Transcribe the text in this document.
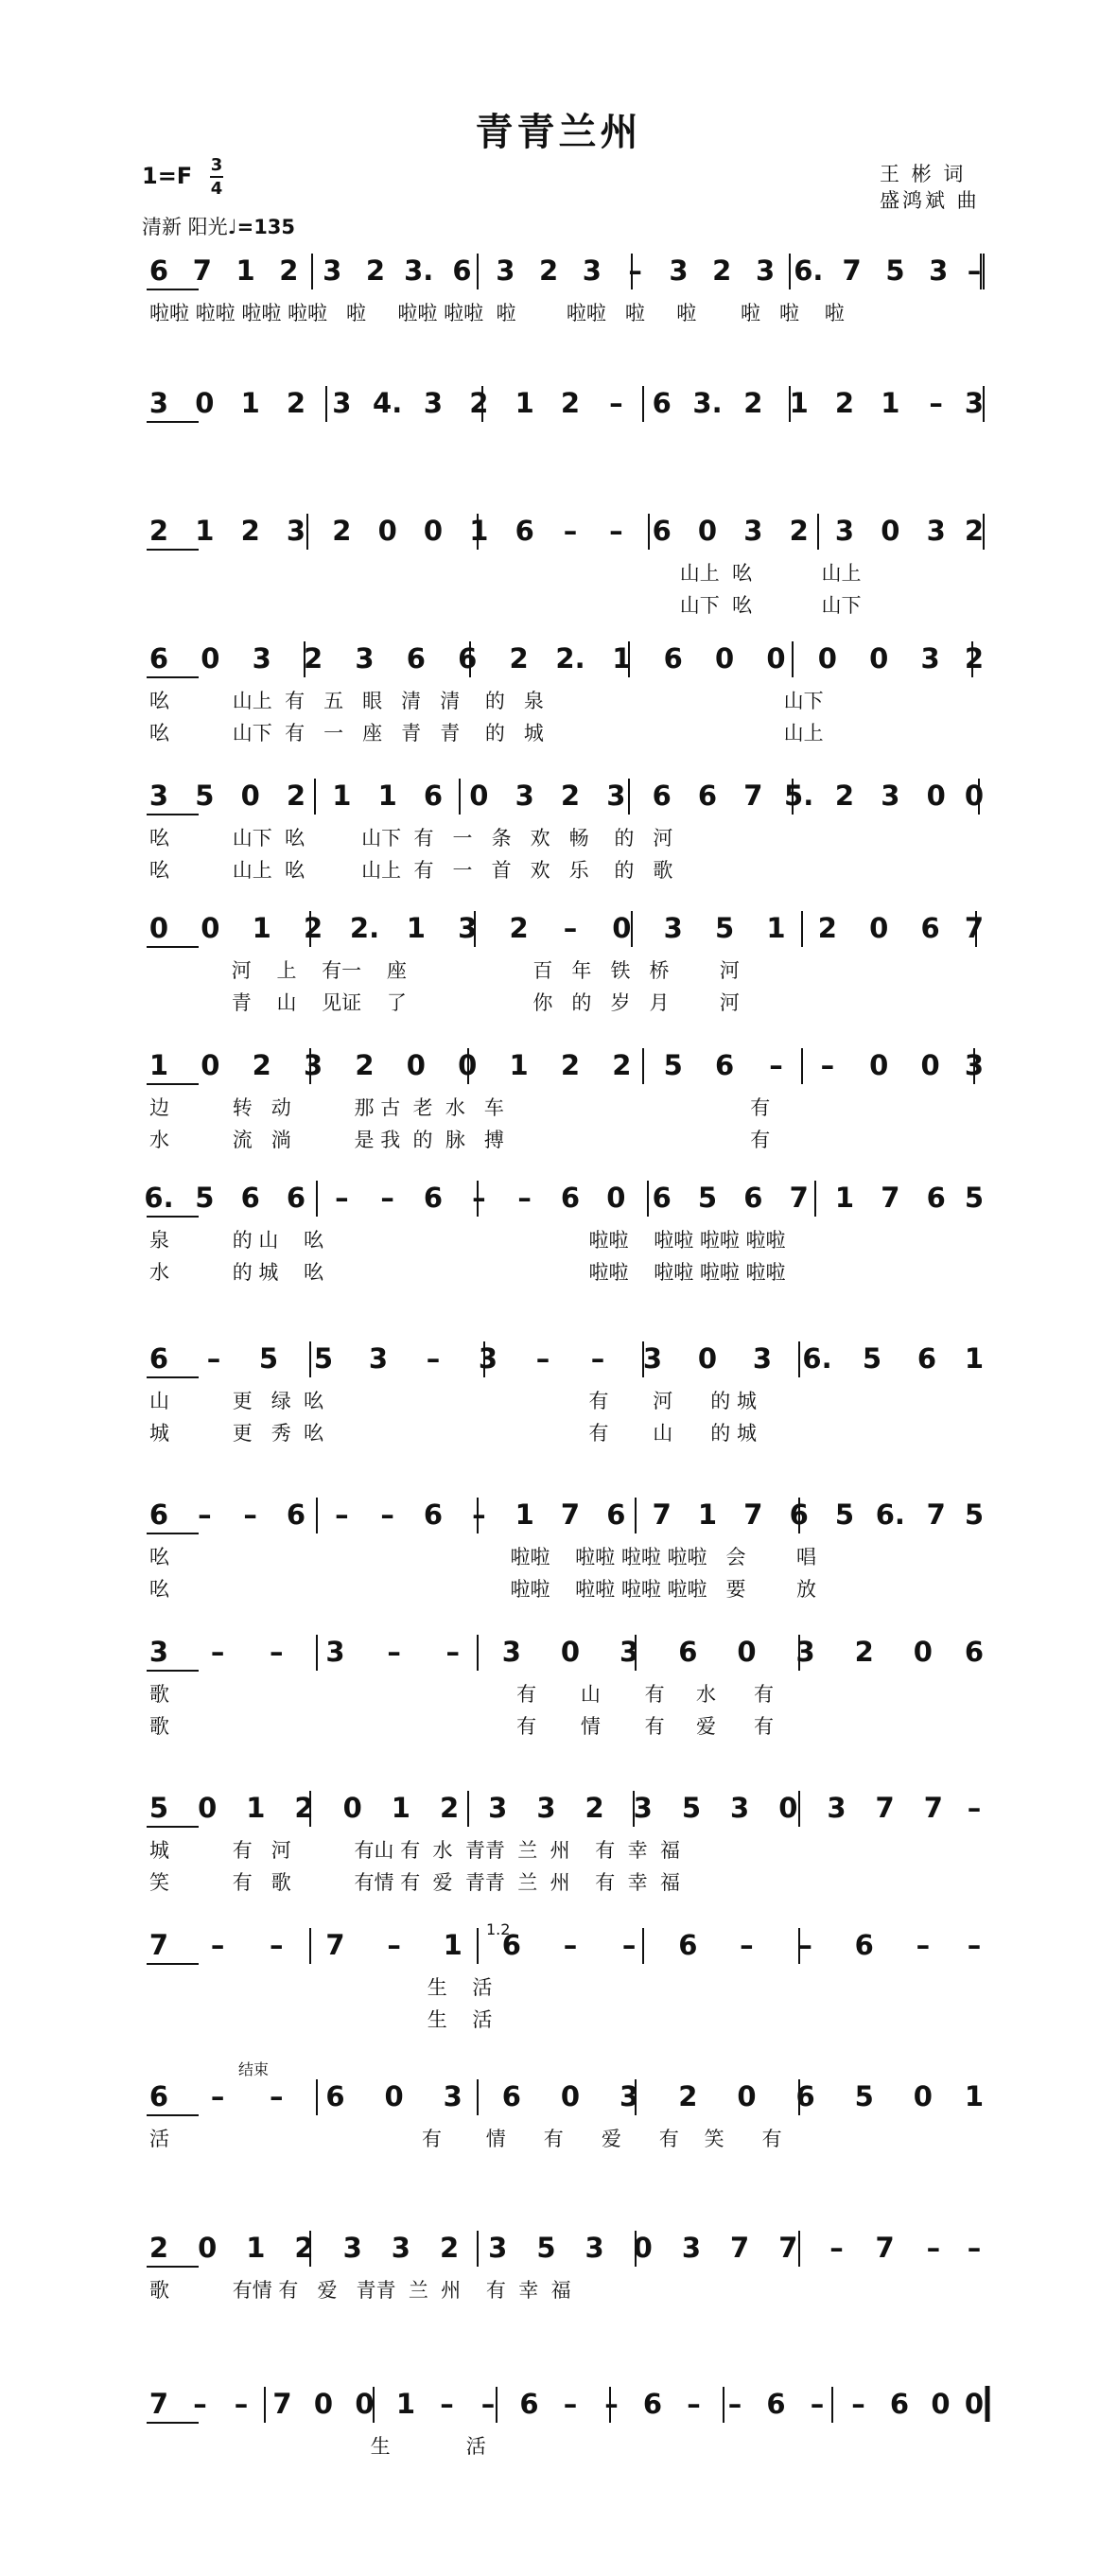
青青兰州
王 彬 词
盛鸿斌 曲
1=F 3
4
清新 阳光♩=135
1.2
结束
6 7 1 2 3 2 3. 6 3 2 3 – 3 2 3 6. 7 5 3 –
啦啦 啦啦 啦啦 啦啦   啦     啦啦 啦啦  啦        啦啦   啦     啦       啦   啦    啦
3 0 1 2 3 4. 3 2 1 2 – 6 3. 2 1 2 1 – 3
2 1 2 3 2 0 0 1 6 – – 6 0 3 2 3 0 3 2
山上  吆           山上
山下  吆           山下
6 0 3 2 3 6 6 2 2. 1 6 0 0 0 0 3 2
吆          山上  有   五   眼   清   清    的   泉                                      山下
吆          山下  有   一   座   青   青    的   城                                      山上
3 5 0 2 1 1 6 0 3 2 3 6 6 7 5. 2 3 0 0
吆          山下  吆         山下  有   一   条   欢   畅    的   河
吆          山上  吆         山上  有   一   首   欢   乐    的   歌
0 0 1 2 2. 1 3 2 – 0 3 5 1 2 0 6 7
河    上    有一    座                    百   年   铁   桥        河
青    山    见证    了                    你   的   岁   月        河
1 0 2 3 2 0 0 1 2 2 5 6 – – 0 0 3
边          转   动          那 古  老  水   车                                       有
水          流   淌          是 我  的  脉   搏                                       有
6. 5 6 6 – – 6 – – 6 0 6 5 6 7 1 7 6 5
泉          的 山    吆                                          啦啦    啦啦 啦啦 啦啦
水          的 城    吆                                          啦啦    啦啦 啦啦 啦啦
6 – 5 5 3 – 3 – – 3 0 3 6. 5 6 1
山          更   绿  吆                                          有       河      的 城
城          更   秀  吆                                          有       山      的 城
6 – – 6 – – 6 – 1 7 6 7 1 7 6 5 6. 7 5
吆                                                      啦啦    啦啦 啦啦 啦啦   会        唱
吆                                                      啦啦    啦啦 啦啦 啦啦   要        放
3 – – 3 – – 3 0 3 6 0 3 2 0 6
歌                                                       有       山       有     水      有
歌                                                       有       情       有     爱      有
5 0 1 2 0 1 2 3 3 2 3 5 3 0 3 7 7 –
城          有   河          有山 有  水  青青  兰  州    有  幸  福
笑          有   歌          有情 有  爱  青青  兰  州    有  幸  福
7 – – 7 – 1 6 – – 6 – – 6 – –
生    活
生    活
6 – – 6 0 3 6 0 3 2 0 6 5 0 1
活                                        有       情      有      爱      有    笑      有
2 0 1 2 3 3 2 3 5 3 0 3 7 7 – 7 – –
歌          有情 有   爱   青青  兰  州    有  幸  福
7 – – 7 0 0 1 – – 6 – – 6 – – 6 – – 6 0 0
生            活
